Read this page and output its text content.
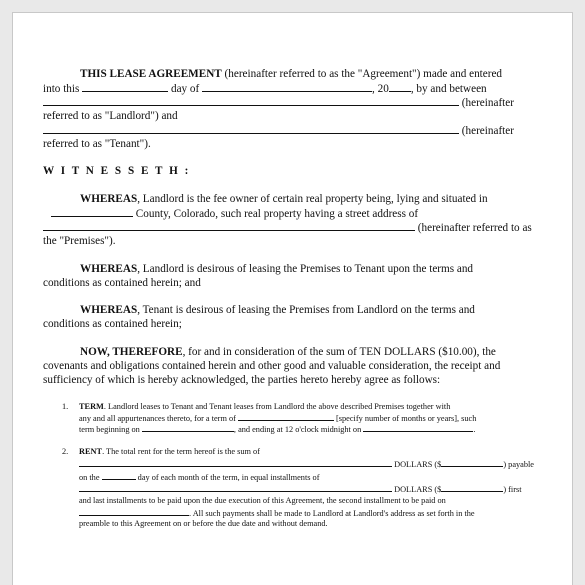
THIS LEASE AGREEMENT (hereinafter referred to as the "Agreement") made and entered
into this	day of	, 20 , by and between
(hereinafter
referred to as "Landlord") and
(hereinafter
referred to as "Tenant").
W I T N E S S E T H :
WHEREAS, Landlord is the fee owner of certain real property being, lying and situated in
County, Colorado, such real property having a street address of
(hereinafter referred to as
the "Premises").
WHEREAS, Landlord is desirous of leasing the Premises to Tenant upon the terms and
conditions as contained herein; and
WHEREAS, Tenant is desirous of leasing the Premises from Landlord on the terms and
conditions as contained herein;
NOW, THEREFORE, for and in consideration of the sum of TEN DOLLARS ($10.00), the
covenants and obligations contained herein and other good and valuable consideration, the receipt and
sufficiency of which is hereby acknowledged, the parties hereto hereby agree as follows:
1. TERM. Landlord leases to Tenant and Tenant leases from Landlord the above described Premises together with
any and all appurtenances thereto, for a term of	[specify number of months or years], such
term beginning on	, and ending at 12 o'clock midnight on	.
2. RENT. The total rent for the term hereof is the sum of
DOLLARS ($	) payable
on the	day of each month of the term, in equal installments of
DOLLARS ($	) first
and last installments to be paid upon the due execution of this Agreement, the second installment to be paid on
. All such payments shall be made to Landlord at Landlord's address as set forth in the
preamble to this Agreement on or before the due date and without demand.
